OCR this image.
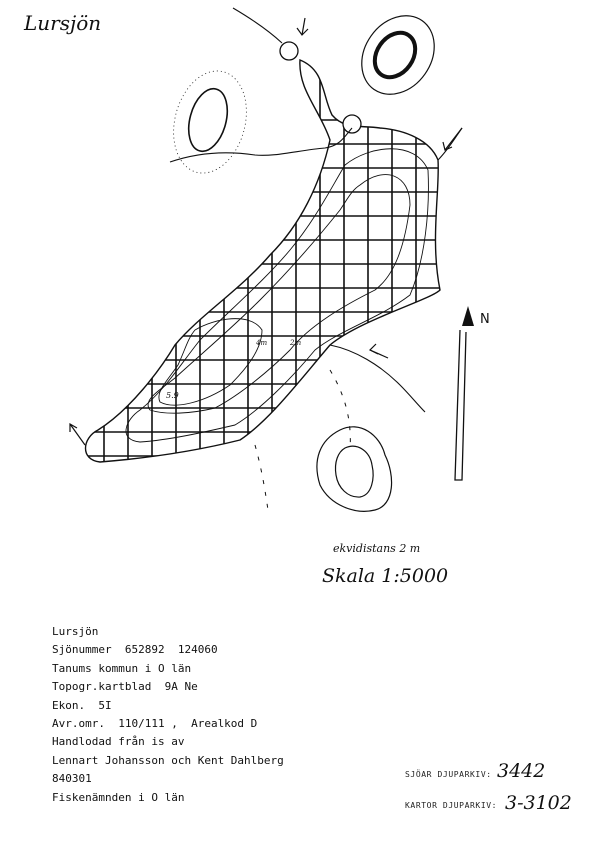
N
4m	2m
5.9
Lursjön
ekvidistans 2 m
Skala 1:5000
Lursjön
Sjönummer  652892  124060
Tanums kommun i O län
Topogr.kartblad  9A Ne
Ekon.  5I
Avr.omr.  110/111 ,  Arealkod D
Handlodad från is av
Lennart Johansson och Kent Dahlberg
840301
Fiskenämnden i O län
SJÖAR DJUPARKIV: 3442
KARTOR DJUPARKIV: 3-3102
